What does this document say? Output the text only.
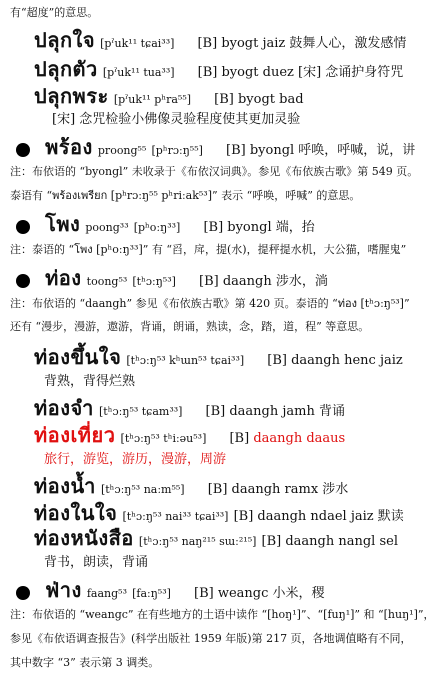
有“超度”的意思。
ปลุกใจ [pˀuk¹¹ tɕai³³] [B] byogt jaiz 鼓舞人心，激发感情
ปลุกตัว [pˀuk¹¹ tua³³] [B] byogt duez [宋] 念诵护身符咒
ปลุกพระ [pˀuk¹¹ pʰra⁵⁵] [B] byogt bad
[宋] 念咒检验小佛像灵验程度使其更加灵验
พร้อง proong⁵⁵ [pʰrɔːŋ⁵⁵] [B] byongl 呼唤，呼喊，说，讲
注：布依语的 “byongl” 未收录于《布依汉词典》。参见《布依族古歌》第 549 页。
泰语有 “พร้องเพรียก [pʰrɔːŋ⁵⁵ pʰriːak⁵³]” 表示 “呼唤，呼喊” 的意思。
โพง poong³³ [pʰoːŋ³³] [B] byongl 端，抬
注：泰语的 “โพง [pʰoːŋ³³]” 有 “舀，戽，提(水)，提秤提水机，大公猫，嗜腥鬼”
ท่อง toong⁵³ [tʰɔːŋ⁵³] [B] daangh 涉水，淌
注：布依语的 “daangh” 参见《布依族古歌》第 420 页。泰语的 “ท่อง [tʰɔːŋ⁵³]”
还有 “漫步，漫游，遨游，背诵，朗诵，熟读，念，踏，道，程” 等意思。
ท่องขึ้นใจ [tʰɔːŋ⁵³ kʰɯn⁵³ tɕai³³] [B] daangh henc jaiz
背熟，背得烂熟
ท่องจำ [tʰɔːŋ⁵³ tɕam³³] [B] daangh jamh 背诵
ท่องเที่ยว [tʰɔːŋ⁵³ tʰiːəu⁵³] [B] daangh daaus
旅行，游览，游历，漫游，周游
ท่องน้ำ [tʰɔːŋ⁵³ naːm⁵⁵] [B] daangh ramx 涉水
ท่องในใจ [tʰɔːŋ⁵³ nai³³ tɕai³³] [B] daangh ndael jaiz 默读
ท่องหนังสือ [tʰɔːŋ⁵³ naŋ²¹⁵ sɯː²¹⁵] [B] daangh nangl sel
背书，朗读，背诵
ฟ่าง faang⁵³ [faːŋ⁵³] [B] weangc 小米，稷
注：布依语的 “weangc” 在有些地方的土语中读作 “[hoŋ¹]”、“[fuŋ¹]” 和 “[huŋ¹]”，
参见《布依语调查报告》(科学出版社 1959 年版)第 217 页，各地调值略有不同，
其中数字 “3” 表示第 3 调类。
